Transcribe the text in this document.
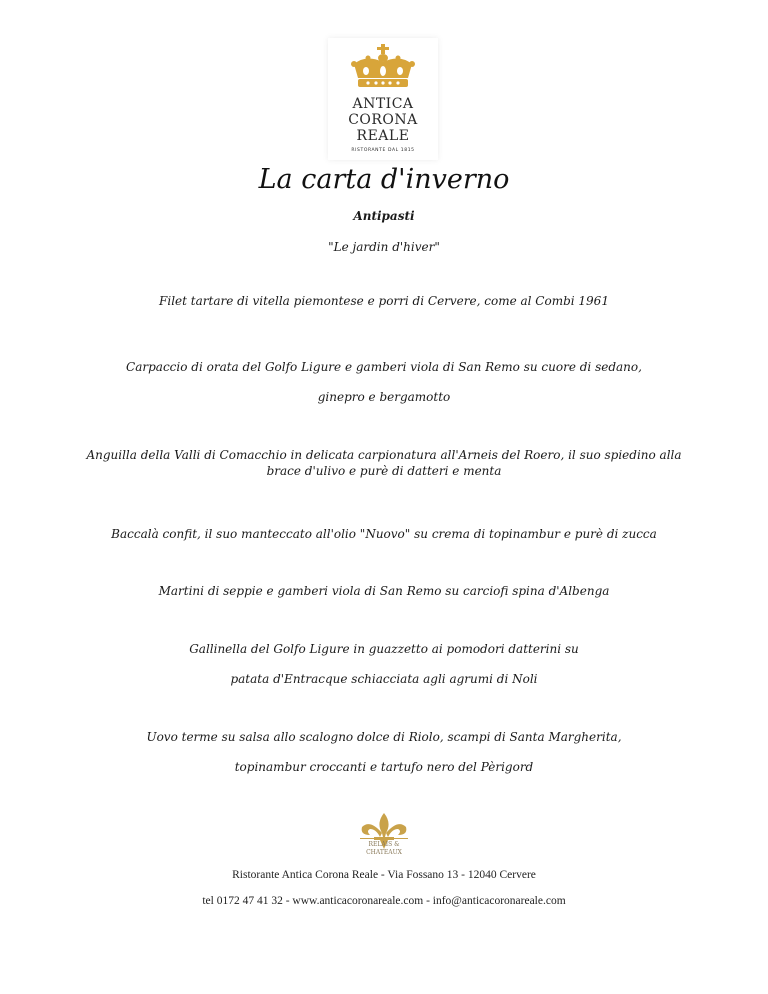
ANTICA
CORONA
REALE
RISTORANTE DAL 1815
La carta d'inverno
Antipasti
"Le jardin d'hiver"
Filet tartare di vitella piemontese e porri di Cervere, come al Combi 1961
Carpaccio di orata del Golfo Ligure e gamberi viola di San Remo su cuore di sedano,
ginepro e bergamotto
Anguilla della Valli di Comacchio in delicata carpionatura all'Arneis del Roero, il suo spiedino alla
brace d'ulivo e purè di datteri e menta
Baccalà confit, il suo manteccato all'olio "Nuovo" su crema di topinambur e purè di zucca
Martini di seppie e gamberi viola di San Remo su carciofi spina d'Albenga
Gallinella del Golfo Ligure in guazzetto ai pomodori datterini su
patata d'Entracque schiacciata agli agrumi di Noli
Uovo terme su salsa allo scalogno dolce di Riolo, scampi di Santa Margherita,
topinambur croccanti e tartufo nero del Pèrigord
RELAIS &
CHATEAUX
Ristorante Antica Corona Reale - Via Fossano 13 - 12040 Cervere
tel 0172 47 41 32 - www.anticacoronareale.com - info@anticacoronareale.com
